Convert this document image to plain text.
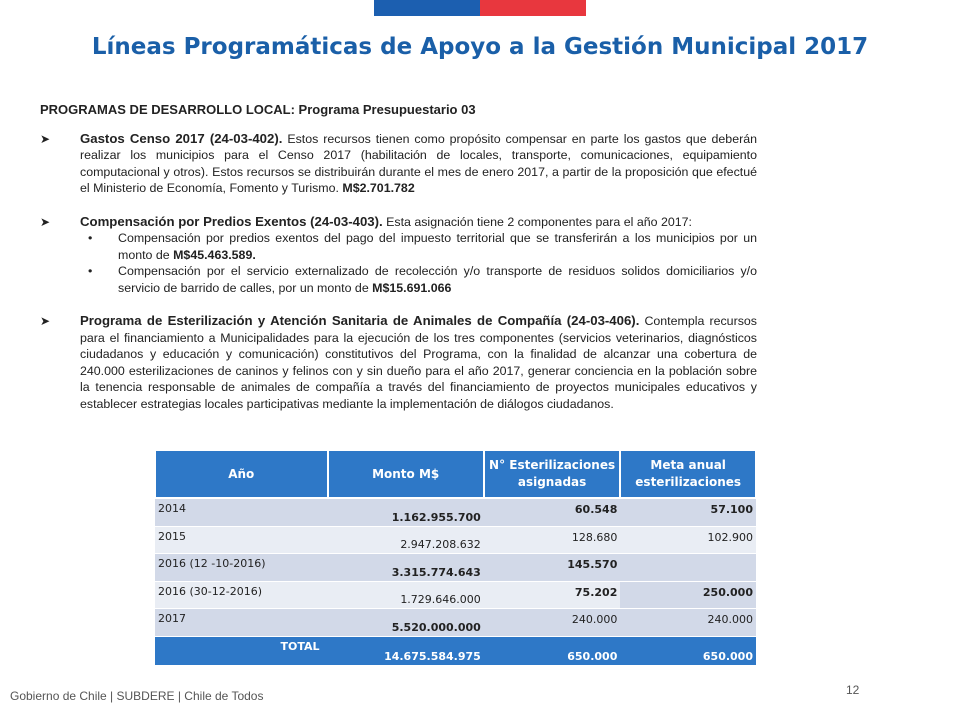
Líneas Programáticas de Apoyo a la Gestión Municipal 2017
PROGRAMAS DE DESARROLLO LOCAL: Programa Presupuestario 03
➤ Gastos Censo 2017 (24-03-402). Estos recursos tienen como propósito compensar en parte los gastos que deberán realizar los municipios para el Censo 2017 (habilitación de locales, transporte, comunicaciones, equipamiento computacional y otros). Estos recursos se distribuirán durante el mes de enero 2017, a partir de la proposición que efectué el Ministerio de Economía, Fomento y Turismo. M$2.701.782
➤ Compensación por Predios Exentos (24-03-403). Esta asignación tiene 2 componentes para el año 2017:
• Compensación por predios exentos del pago del impuesto territorial que se transferirán a los municipios por un monto de M$45.463.589.
• Compensación por el servicio externalizado de recolección y/o transporte de residuos solidos domiciliarios y/o servicio de barrido de calles, por un monto de M$15.691.066
➤ Programa de Esterilización y Atención Sanitaria de Animales de Compañía (24-03-406). Contempla recursos para el financiamiento a Municipalidades para la ejecución de los tres componentes (servicios veterinarios, diagnósticos ciudadanos y educación y comunicación) constitutivos del Programa, con la finalidad de alcanzar una cobertura de 240.000 esterilizaciones de caninos y felinos con y sin dueño para el año 2017, generar conciencia en la población sobre la tenencia responsable de animales de compañía a través del financiamiento de proyectos municipales educativos y establecer estrategias locales participativas mediante la implementación de diálogos ciudadanos.
Año	Monto M$	N° Esterilizaciones asignadas	Meta anual esterilizaciones
2014	1.162.955.700	60.548	57.100
2015	2.947.208.632	128.680	102.900
2016 (12 -10-2016)	3.315.774.643	145.570	
2016 (30-12-2016)	1.729.646.000	75.202	250.000
2017	5.520.000.000	240.000	240.000
TOTAL	14.675.584.975	650.000	650.000
Gobierno de Chile | SUBDERE | Chile de Todos	12
